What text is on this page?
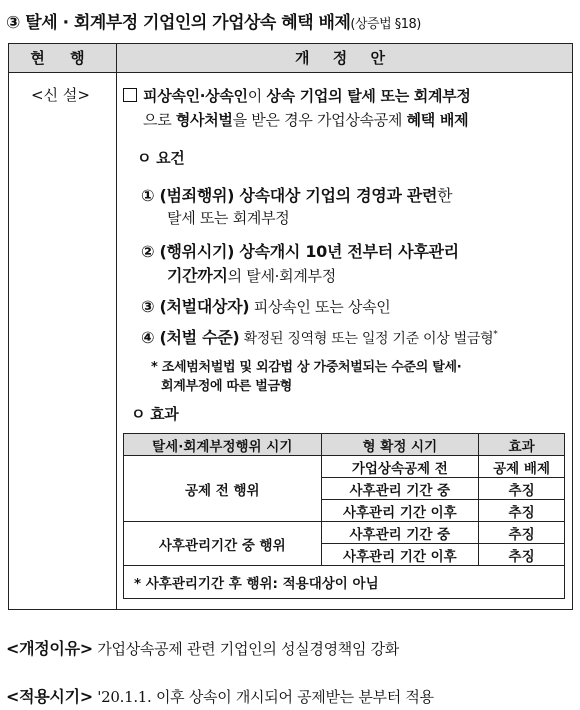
③ 탈세 · 회계부정 기업인의 가업상속 혜택 배제(상증법 §18)
현 행	개 정 안
<신 설>	피상속인·상속인이 상속 기업의 탈세 또는 회계부정
으로 형사처벌을 받은 경우 가업상속공제 혜택 배제
ㅇ 요건
① (범죄행위) 상속대상 기업의 경영과 관련한
탈세 또는 회계부정
② (행위시기) 상속개시 10년 전부터 사후관리
기간까지의 탈세·회계부정
③ (처벌대상자) 피상속인 또는 상속인
④ (처벌 수준) 확정된 징역형 또는 일정 기준 이상 벌금형*
* 조세범처벌법 및 외감법 상 가중처벌되는 수준의 탈세·
회계부정에 따른 벌금형
ㅇ 효과
탈세·회계부정행위 시기	형 확정 시기	효과
공제 전 행위	가업상속공제 전	공제 배제
	사후관리 기간 중	추징
	사후관리 기간 이후	추징
사후관리기간 중 행위	사후관리 기간 중	추징
	사후관리 기간 이후	추징
* 사후관리기간 후 행위: 적용대상이 아님		
<개정이유> 가업상속공제 관련 기업인의 성실경영책임 강화
<적용시기> '20.1.1. 이후 상속이 개시되어 공제받는 분부터 적용
